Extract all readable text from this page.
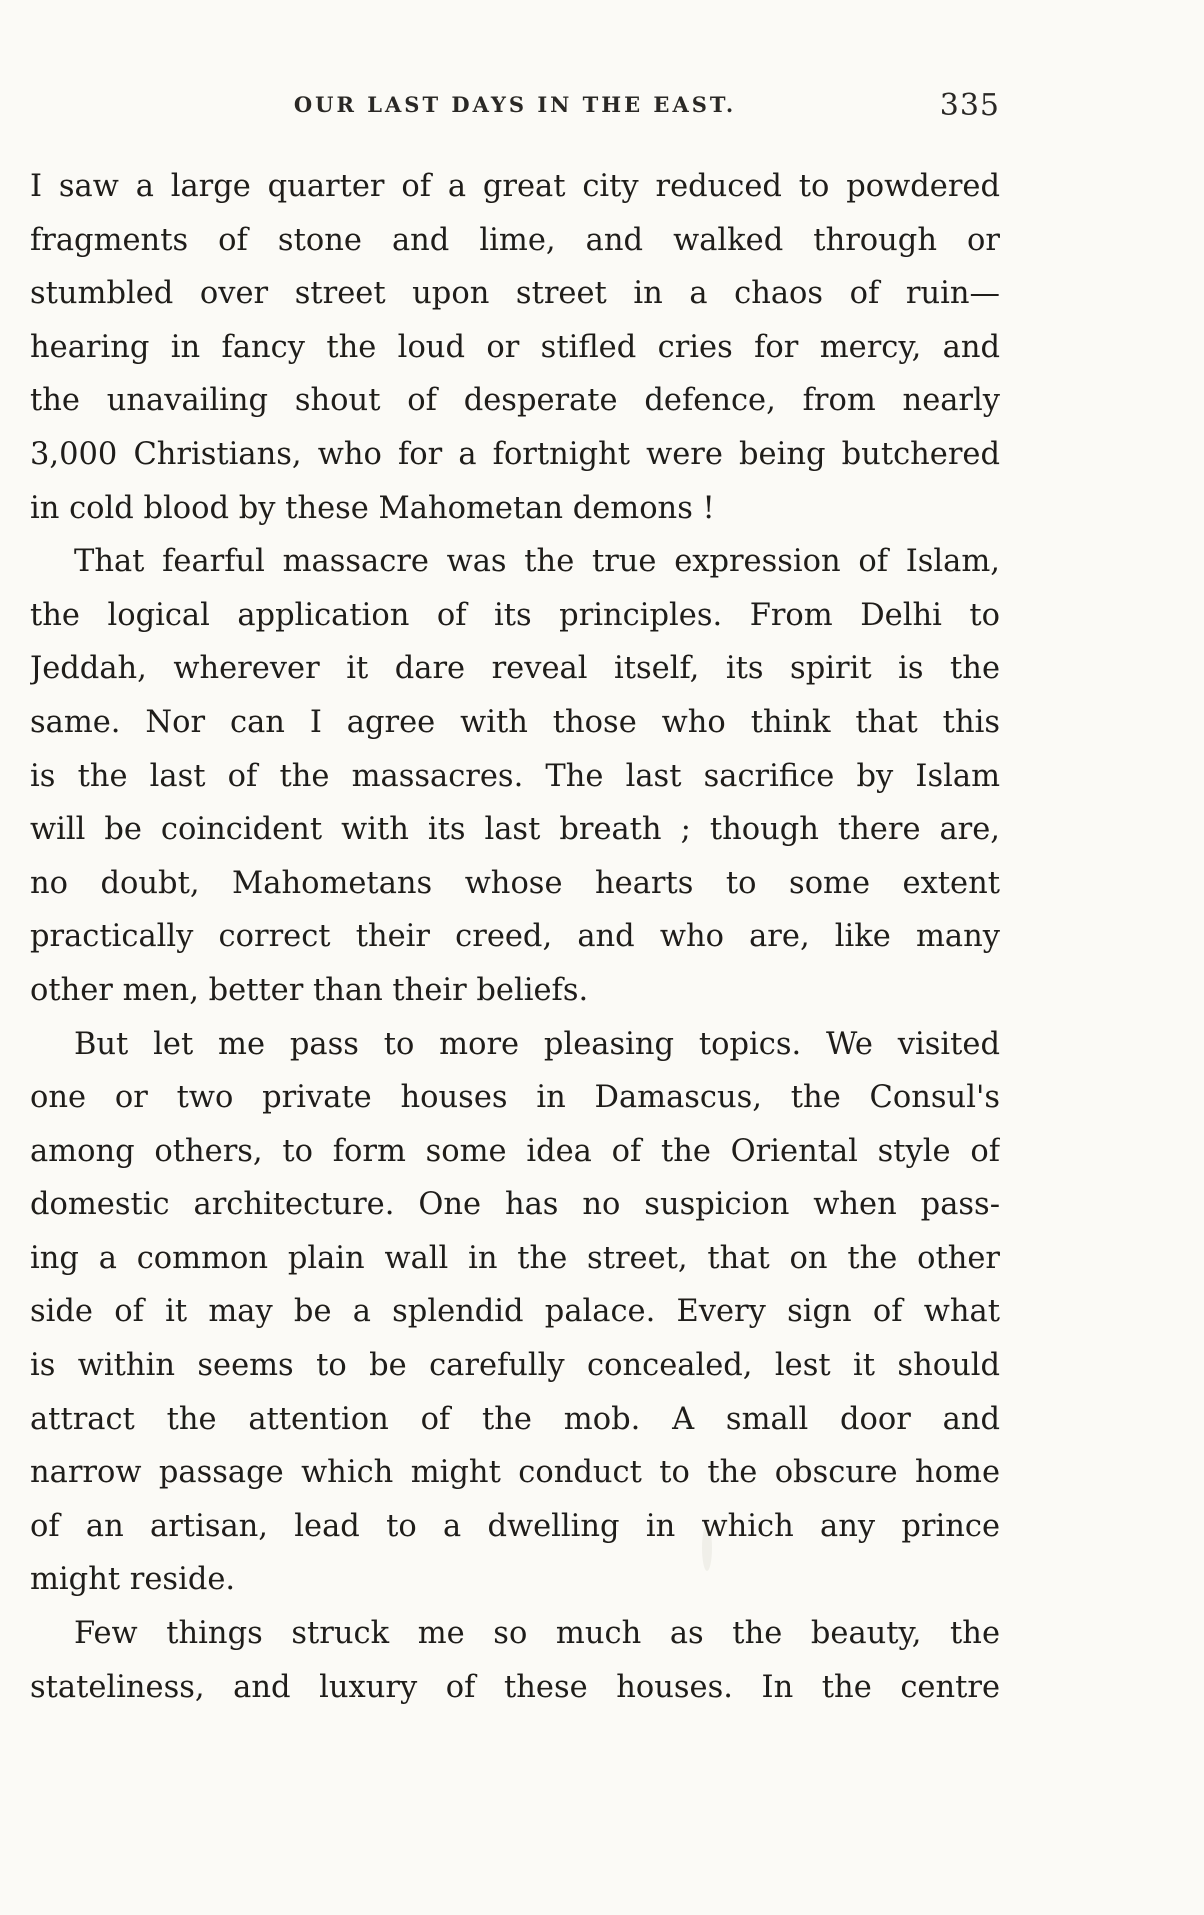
OUR LAST DAYS IN THE EAST.	335
I saw a large quarter of a great city reduced to powdered
fragments of stone and lime, and walked through or
stumbled over street upon street in a chaos of ruin—
hearing in fancy the loud or stifled cries for mercy, and
the unavailing shout of desperate defence, from nearly
3,000 Christians, who for a fortnight were being butchered
in cold blood by these Mahometan demons !
That fearful massacre was the true expression of Islam,
the logical application of its principles. From Delhi to
Jeddah, wherever it dare reveal itself, its spirit is the
same. Nor can I agree with those who think that this
is the last of the massacres. The last sacrifice by Islam
will be coincident with its last breath ; though there are,
no doubt, Mahometans whose hearts to some extent
practically correct their creed, and who are, like many
other men, better than their beliefs.
But let me pass to more pleasing topics. We visited
one or two private houses in Damascus, the Consul's
among others, to form some idea of the Oriental style of
domestic architecture. One has no suspicion when pass-
ing a common plain wall in the street, that on the other
side of it may be a splendid palace. Every sign of what
is within seems to be carefully concealed, lest it should
attract the attention of the mob. A small door and
narrow passage which might conduct to the obscure home
of an artisan, lead to a dwelling in which any prince
might reside.
Few things struck me so much as the beauty, the
stateliness, and luxury of these houses. In the centre
